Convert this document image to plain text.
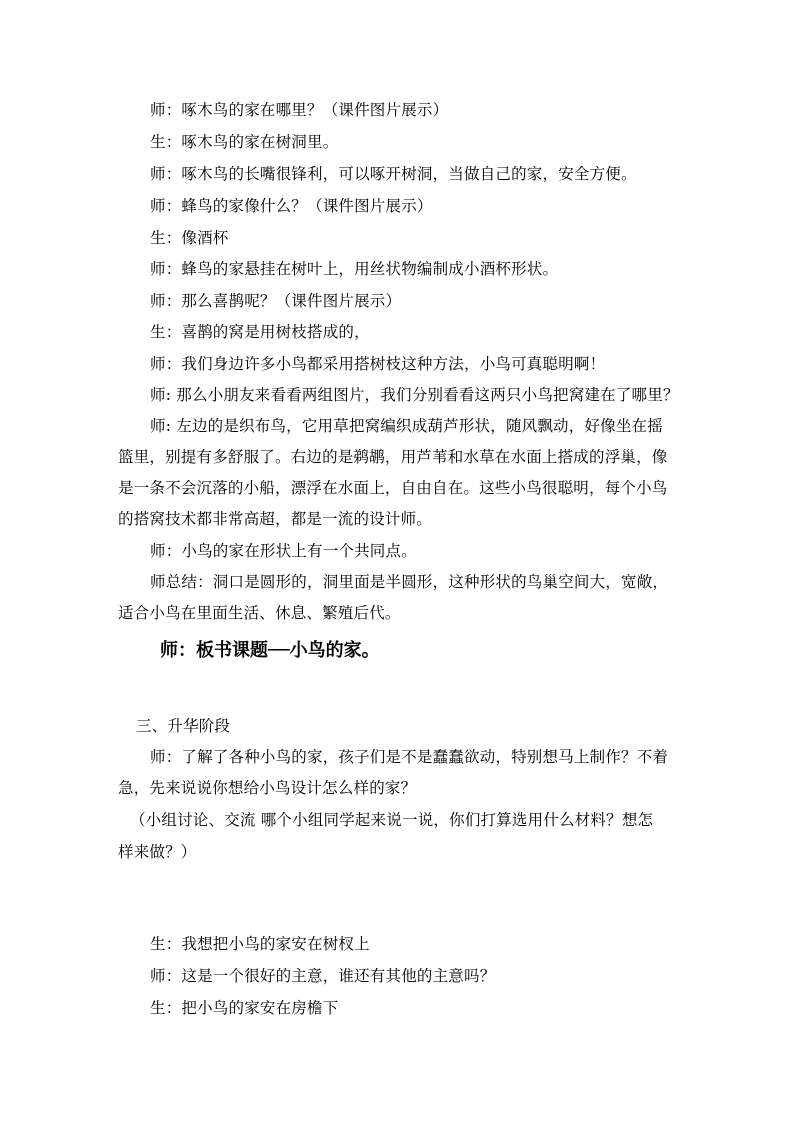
师：啄木鸟的家在哪里？（课件图片展示）
生：啄木鸟的家在树洞里。
师：啄木鸟的长嘴很锋利，可以啄开树洞，当做自己的家，安全方便。
师：蜂鸟的家像什么？（课件图片展示）
生：像酒杯
师：蜂鸟的家悬挂在树叶上，用丝状物编制成小酒杯形状。
师：那么喜鹊呢？（课件图片展示）
生：喜鹊的窝是用树枝搭成的，
师：我们身边许多小鸟都采用搭树枝这种方法，小鸟可真聪明啊！
师: 那么小朋友来看看两组图片，我们分别看看这两只小鸟把窝建在了哪里？
师: 左边的是织布鸟，它用草把窝编织成葫芦形状，随风飘动，好像坐在摇
篮里，别提有多舒服了。右边的是鹈鹕，用芦苇和水草在水面上搭成的浮巢，像
是一条不会沉落的小船，漂浮在水面上，自由自在。这些小鸟很聪明，每个小鸟
的搭窝技术都非常高超，都是一流的设计师。
师：小鸟的家在形状上有一个共同点。
师总结：洞口是圆形的，洞里面是半圆形，这种形状的鸟巢空间大，宽敞，
适合小鸟在里面生活、休息、繁殖后代。
师：板书课题──小鸟的家。
三、升华阶段
师：了解了各种小鸟的家，孩子们是不是蠢蠢欲动，特别想马上制作？不着
急，先来说说你想给小鸟设计怎么样的家？
（小组讨论、交流 哪个小组同学起来说一说，你们打算选用什么材料？想怎
样来做？）
生：我想把小鸟的家安在树杈上
师：这是一个很好的主意，谁还有其他的主意吗？
生：把小鸟的家安在房檐下
